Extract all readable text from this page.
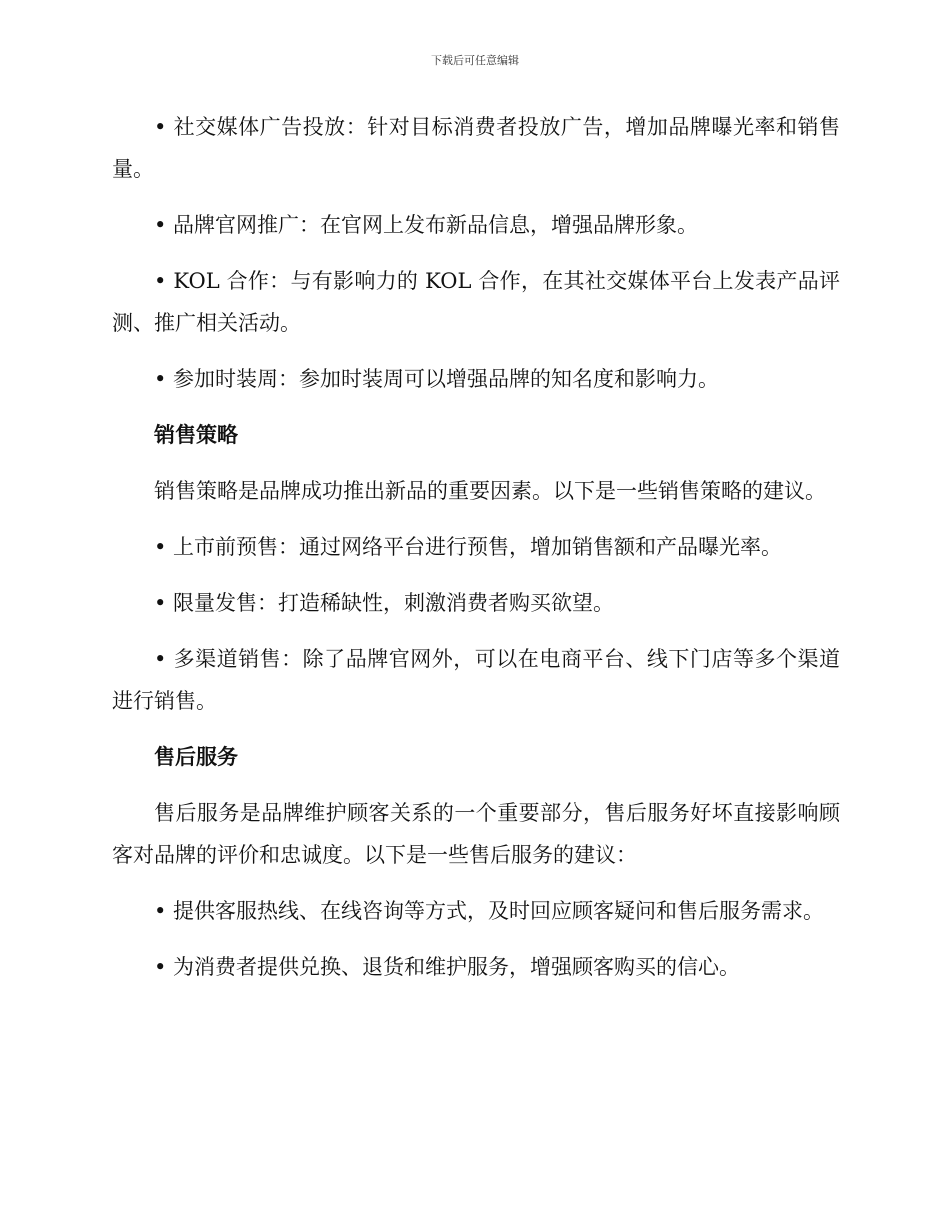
下载后可任意编辑

• 社交媒体广告投放：针对目标消费者投放广告，增加品牌曝光率和销售量。

• 品牌官网推广：在官网上发布新品信息，增强品牌形象。

• KOL 合作：与有影响力的 KOL 合作，在其社交媒体平台上发表产品评测、推广相关活动。

• 参加时装周：参加时装周可以增强品牌的知名度和影响力。

销售策略

销售策略是品牌成功推出新品的重要因素。以下是一些销售策略的建议。

• 上市前预售：通过网络平台进行预售，增加销售额和产品曝光率。

• 限量发售：打造稀缺性，刺激消费者购买欲望。

• 多渠道销售：除了品牌官网外，可以在电商平台、线下门店等多个渠道进行销售。

售后服务

售后服务是品牌维护顾客关系的一个重要部分，售后服务好坏直接影响顾客对品牌的评价和忠诚度。以下是一些售后服务的建议：

• 提供客服热线、在线咨询等方式，及时回应顾客疑问和售后服务需求。

• 为消费者提供兑换、退货和维护服务，增强顾客购买的信心。
